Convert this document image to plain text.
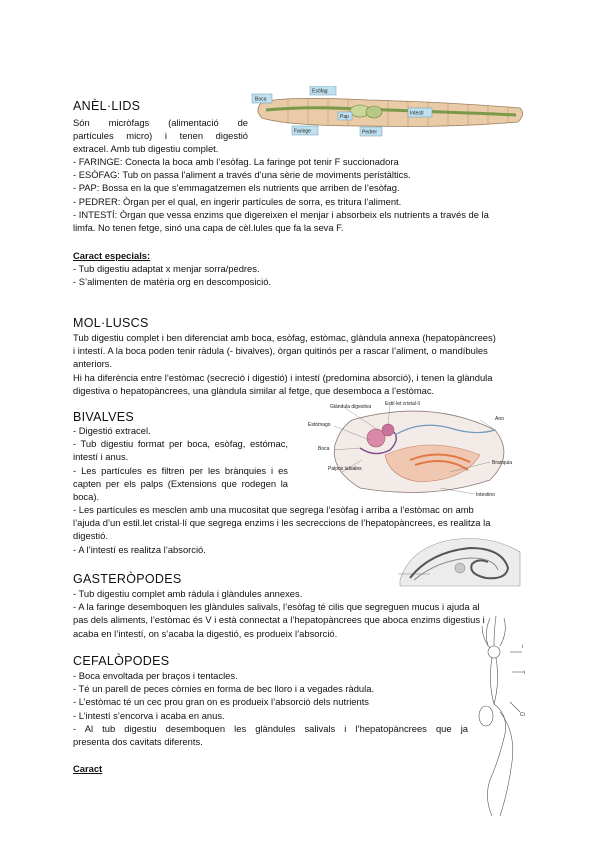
ANÈL·LIDS
Són micròfags (alimentació de
partícules micro) i tenen digestió
extracel. Amb tub digestiu complet.
Boca
Esòfag
Faringe
Pap
Pedrer
Intestí
- FARINGE: Conecta la boca amb l’esòfag. La faringe pot tenir F succionadora
- ESÒFAG: Tub on passa l’aliment a través d’una sèrie de moviments peristàltics.
- PAP: Bossa en la que s’emmagatzemen els nutrients que arriben de l’esòfag.
- PEDRER: Òrgan per el qual, en ingerir partícules de sorra, es tritura l’aliment.
- INTESTÍ: Òrgan que vessa enzims que digereixen el menjar i absorbeix els nutrients a través de la
limfa. No tenen fetge, sinó una capa de cèl.lules que fa la seva F.
Caract especials:
- Tub digestiu adaptat x menjar sorra/pedres.
- S’alimenten de matèria org en descomposició.
MOL·LUSCS
Tub digestiu complet i ben diferenciat amb boca, esòfag, estòmac, glàndula annexa (hepatopàncrees)
i intestí. A la boca poden tenir ràdula (- bivalves), òrgan quitinós per a rascar l’aliment, o mandíbules
anteriors.
Hi ha diferència entre l’estòmac (secreció i digestió) i intestí (predomina absorció), i tenen la glàndula
digestiva o hepatopàncrees, una glàndula similar al fetge, que desemboca a l’estòmac.
BIVALVES
- Digestió extracel.
- Tub digestiu format per boca, esòfag, estómac,
intestí i anus.
- Les partícules es filtren per les brànquies i es
capten per els palps (Extensions que rodegen la
boca).
Glàndula digestiva	Estil·let cristal·lí
Estómago
Boca
Palpos labiales
Ano
Branquia
Intestino
- Les partícules es mesclen amb una mucositat que segrega l’esòfag i arriba a l’estòmac on amb
l’ajuda d’un estil.let cristal·lí que segrega enzims i les secreccions de l’hepatopàncrees, es realitza la
digestió.
- A l’intestí es realitza l’absorció.
GASTERÒPODES
- Tub digestiu complet amb ràdula i glàndules annexes.
- A la faringe desemboquen les glàndules salivals, l’esòfag té cilis que segreguen mucus i ajuda al
pas dels aliments, l’estòmac és V i està connectat a l’hepatopàncrees que aboca enzims digestius i
acaba en l’intestí, on s’acaba la digestió, es produeix l’absorció.
CEFALÒPODES
- Boca envoltada per braços i tentacles.
- Té un parell de peces còrnies en forma de bec lloro i a vegades ràdula.
- L’estòmac té un cec prou gran on es produeix l’absorció dels nutrients
- L’intestí s’encorva i acaba en anus.
- Al tub digestiu desemboquen les glàndules salivals i l’hepatopàncrees que ja
presenta dos cavitats diferents.
Caract
i
i
Ci
